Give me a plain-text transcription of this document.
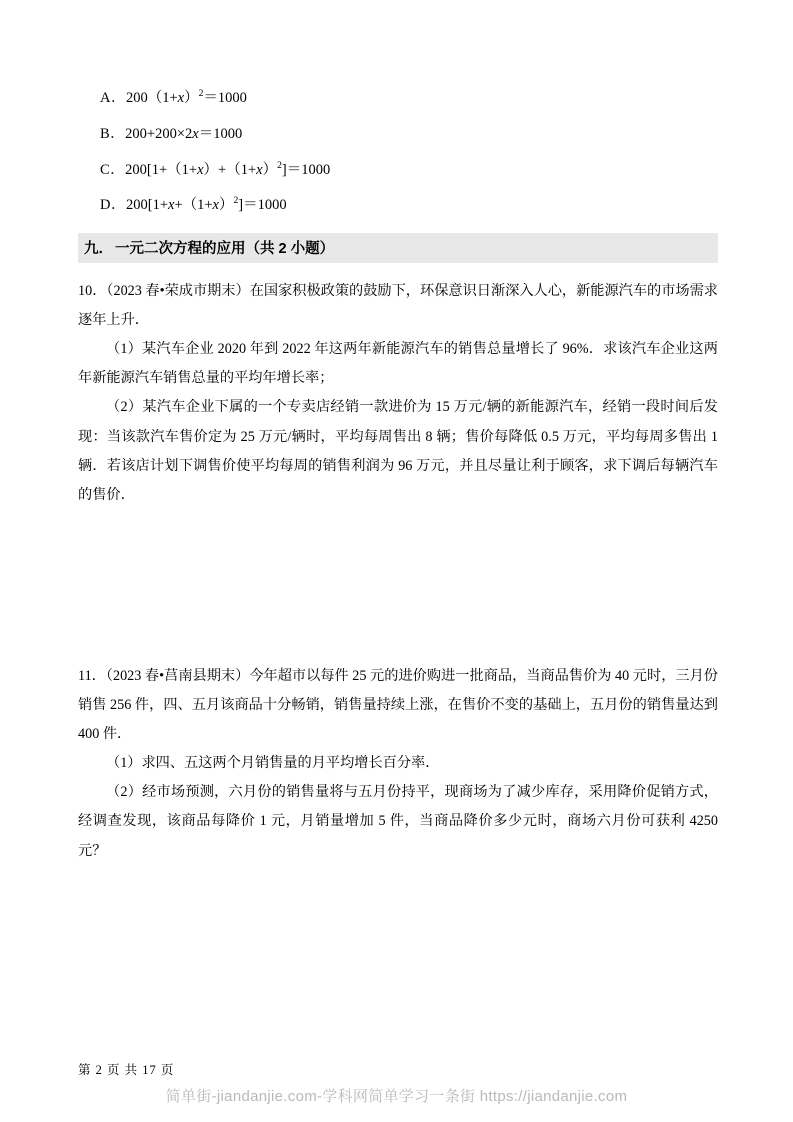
A．$200(1+x)^2=1000$
B．200+200×2x＝1000
C．$200[1+(1+x)+(1+x)^2]=1000$
D．$200[1+x+(1+x)^2]=1000$
九． 一元二次方程的应用（共 2 小题）
10．（2023 春•荣成市期末）在国家积极政策的鼓励下，环保意识日渐深入人心，新能源汽车的市场需求逐年上升．
（1）某汽车企业 2020 年到 2022 年这两年新能源汽车的销售总量增长了 96%．求该汽车企业这两年新能源汽车销售总量的平均年增长率；
（2）某汽车企业下属的一个专卖店经销一款进价为 15 万元/辆的新能源汽车，经销一段时间后发现：当该款汽车售价定为 25 万元/辆时，平均每周售出 8 辆；售价每降低 0.5 万元，平均每周多售出 1 辆．若该店计划下调售价使平均每周的销售利润为 96 万元，并且尽量让利于顾客，求下调后每辆汽车的售价．
11．（2023 春•莒南县期末）今年超市以每件 25 元的进价购进一批商品，当商品售价为 40 元时，三月份销售 256 件，四、五月该商品十分畅销，销售量持续上涨，在售价不变的基础上，五月份的销售量达到 400 件．
（1）求四、五这两个月销售量的月平均增长百分率．
（2）经市场预测，六月份的销售量将与五月份持平，现商场为了减少库存，采用降价促销方式，经调查发现，该商品每降价 1 元，月销量增加 5 件，当商品降价多少元时，商场六月份可获利 4250 元？
第 2 页 共 17 页
简单街-jiandanjie.com-学科网简单学习一条街 https://jiandanjie.com
